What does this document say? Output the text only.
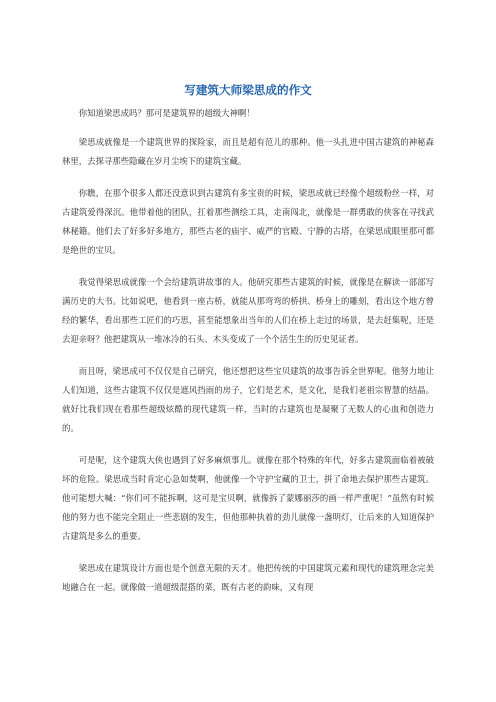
写建筑大师梁思成的作文

你知道梁思成吗？那可是建筑界的超级大神啊！

梁思成就像是一个建筑世界的探险家，而且是超有范儿的那种。他一头扎进中国古建筑的神秘森林里，去探寻那些隐藏在岁月尘埃下的建筑宝藏。

你瞧，在那个很多人都还没意识到古建筑有多宝贵的时候，梁思成就已经像个超级粉丝一样，对古建筑爱得深沉。他带着他的团队，扛着那些测绘工具，走南闯北，就像是一群勇敢的侠客在寻找武林秘籍。他们去了好多好多地方，那些古老的庙宇、威严的官殿、宁静的古塔，在梁思成眼里那可都是绝世的宝贝。

我觉得梁思成就像一个会给建筑讲故事的人。他研究那些古建筑的时候，就像是在解读一部部写满历史的大书。比如说吧，他看到一座古桥，就能从那弯弯的桥拱、桥身上的雕刻，看出这个地方曾经的繁华，看出那些工匠们的巧思，甚至能想象出当年的人们在桥上走过的场景，是去赶集呢，还是去迎亲呀？他把建筑从一堆冰冷的石头、木头变成了一个个活生生的历史见证者。

而且呀，梁思成可不仅仅是自己研究，他还想把这些宝贝建筑的故事告诉全世界呢。他努力地让人们知道，这些古建筑不仅仅是遮风挡雨的房子，它们是艺术，是文化，是我们老祖宗智慧的结晶。就好比我们现在看那些超级炫酷的现代建筑一样，当时的古建筑也是凝聚了无数人的心血和创造力的。

可是呢，这个建筑大侠也遇到了好多麻烦事儿。就像在那个特殊的年代，好多古建筑面临着被破坏的危险。梁思成当时肯定心急如焚啊，他就像一个守护宝藏的卫士，拼了命地去保护那些古建筑。他可能想大喊：“你们可不能拆啊，这可是宝贝啊，就像拆了蒙娜丽莎的画一样严重呢！”虽然有时候他的努力也不能完全阻止一些悲剧的发生，但他那种执着的劲儿就像一盏明灯，让后来的人知道保护古建筑是多么的重要。

梁思成在建筑设计方面也是个创意无限的天才。他把传统的中国建筑元素和现代的建筑理念完美地融合在一起。就像做一道超级混搭的菜，既有古老的韵味，又有现
